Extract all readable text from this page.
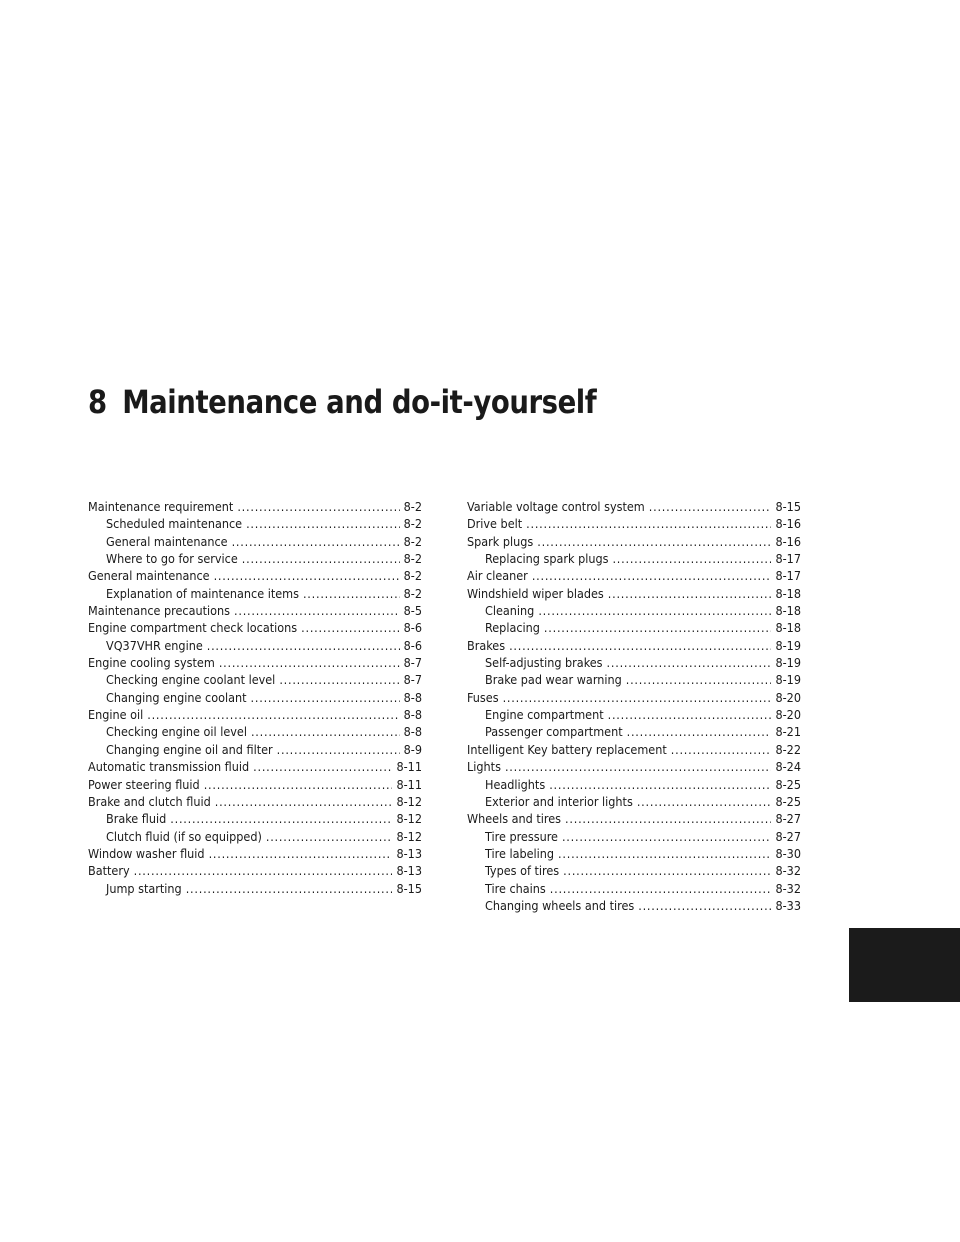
8 Maintenance and do-it-yourself
Maintenance requirement . . .	8-2
Scheduled maintenance . . .	8-2
General maintenance . . .	8-2
Where to go for service . . .	8-2
General maintenance . . .	8-2
Explanation of maintenance items . . .	8-2
Maintenance precautions . . .	8-5
Engine compartment check locations . . .	8-6
VQ37VHR engine . . .	8-6
Engine cooling system . . .	8-7
Checking engine coolant level . . .	8-7
Changing engine coolant . . .	8-8
Engine oil . . .	8-8
Checking engine oil level . . .	8-8
Changing engine oil and filter . . .	8-9
Automatic transmission fluid . . .	8-11
Power steering fluid . . .	8-11
Brake and clutch fluid . . .	8-12
Brake fluid . . .	8-12
Clutch fluid (if so equipped) . . .	8-12
Window washer fluid . . .	8-13
Battery . . .	8-13
Jump starting . . .	8-15
Variable voltage control system . . .	8-15
Drive belt . . .	8-16
Spark plugs . . .	8-16
Replacing spark plugs . . .	8-17
Air cleaner . . .	8-17
Windshield wiper blades . . .	8-18
Cleaning . . .	8-18
Replacing . . .	8-18
Brakes . . .	8-19
Self-adjusting brakes . . .	8-19
Brake pad wear warning . . .	8-19
Fuses . . .	8-20
Engine compartment . . .	8-20
Passenger compartment . . .	8-21
Intelligent Key battery replacement . . .	8-22
Lights . . .	8-24
Headlights . . .	8-25
Exterior and interior lights . . .	8-25
Wheels and tires . . .	8-27
Tire pressure . . .	8-27
Tire labeling . . .	8-30
Types of tires . . .	8-32
Tire chains . . .	8-32
Changing wheels and tires . . .	8-33
